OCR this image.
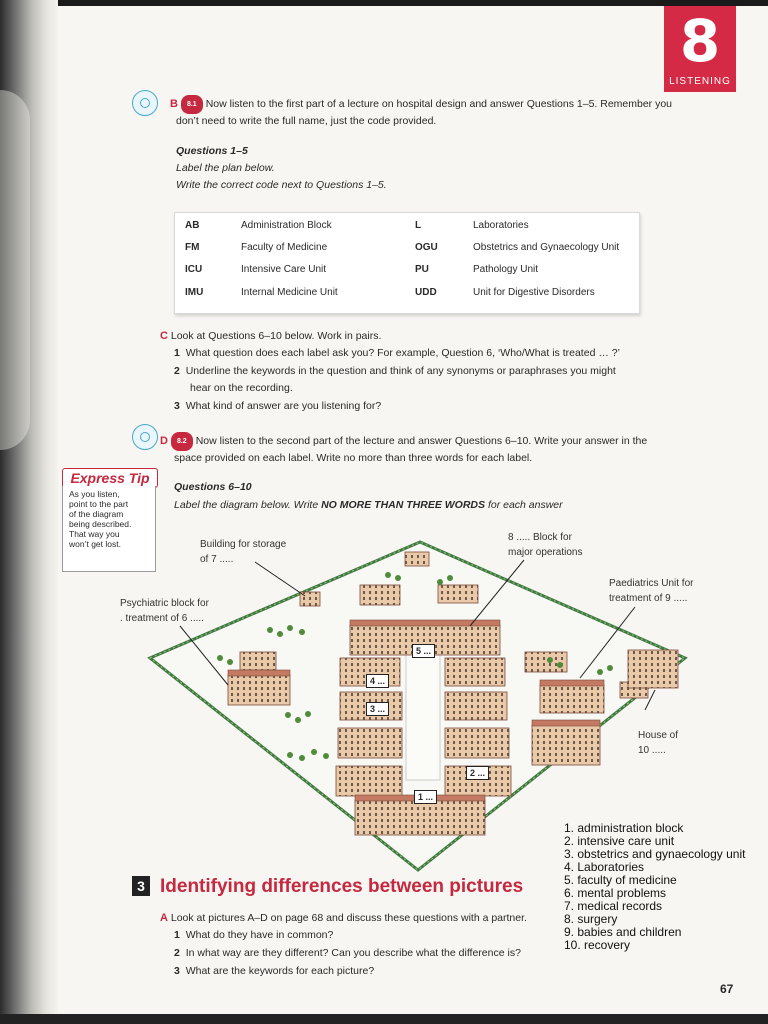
8
LISTENING
B 8.1 Now listen to the first part of a lecture on hospital design and answer Questions 1–5. Remember you
don’t need to write the full name, just the code provided.
Questions 1–5
Label the plan below.
Write the correct code next to Questions 1–5.
AB	Administration Block	L	Laboratories
FM	Faculty of Medicine	OGU	Obstetrics and Gynaecology Unit
ICU	Intensive Care Unit	PU	Pathology Unit
IMU	Internal Medicine Unit	UDD	Unit for Digestive Disorders
C Look at Questions 6–10 below. Work in pairs.
1 What question does each label ask you? For example, Question 6, ‘Who/What is treated … ?’
2 Underline the keywords in the question and think of any synonyms or paraphrases you might
hear on the recording.
3 What kind of answer are you listening for?
D 8.2 Now listen to the second part of the lecture and answer Questions 6–10. Write your answer in the
space provided on each label. Write no more than three words for each label.
Questions 6–10
Label the diagram below. Write NO MORE THAN THREE WORDS for each answer
Express Tip
As you listen,
point to the part
of the diagram
being described.
That way you
won’t get lost.
5 ...
4 ...
3 ...
2 ...
1 ...
Building for storage
of 7 .....
8 ..... Block for
major operations
Paediatrics Unit for
treatment of 9 .....
Psychiatric block for
. treatment of 6 .....
House of
10 .....
3 Identifying differences between pictures
A Look at pictures A–D on page 68 and discuss these questions with a partner.
1 What do they have in common?
2 In what way are they different? Can you describe what the difference is?
3 What are the keywords for each picture?
1. administration block
2. intensive care unit
3. obstetrics and gynaecology unit
4. Laboratories
5. faculty of medicine
6. mental problems
7. medical records
8. surgery
9. babies and children
10. recovery
67
